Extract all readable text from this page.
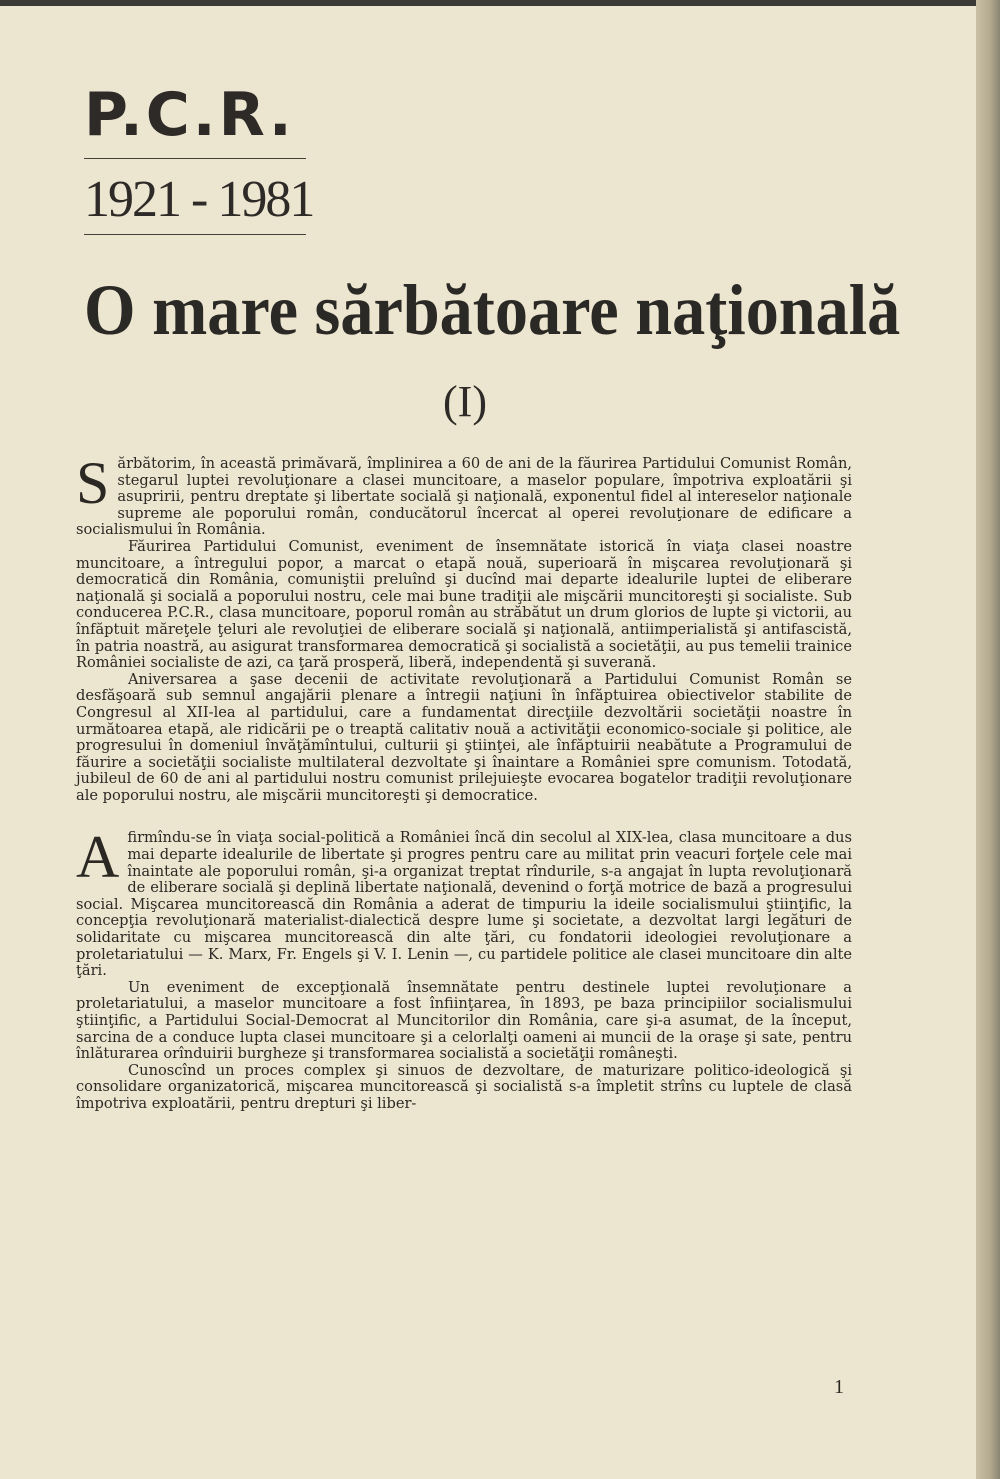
P.C.R.
1921 - 1981
O mare sărbătoare naţională
(I)

Sărbătorim, în această primăvară, împlinirea a 60 de ani de la făurirea Partidului Comunist Român, stegarul luptei revoluţionare a clasei muncitoare, a maselor populare, împotriva exploatării şi asupririi, pentru dreptate şi libertate socială şi naţională, exponentul fidel al intereselor naţionale supreme ale poporului român, conducătorul încercat al operei revoluţionare de edificare a socialismului în România.

Făurirea Partidului Comunist, eveniment de însemnătate istorică în viaţa clasei noastre muncitoare, a întregului popor, a marcat o etapă nouă, superioară în mişcarea revoluţionară şi democratică din România, comuniştii preluînd şi ducînd mai departe idealurile luptei de eliberare naţională şi socială a poporului nostru, cele mai bune tradiţii ale mişcării muncitoreşti şi socialiste. Sub conducerea P.C.R., clasa muncitoare, poporul român au străbătut un drum glorios de lupte şi victorii, au înfăptuit măreţele ţeluri ale revoluţiei de eliberare socială şi naţională, antiimperialistă şi antifascistă, în patria noastră, au asigurat transformarea democratică şi socialistă a societăţii, au pus temelii trainice României socialiste de azi, ca ţară prosperă, liberă, independentă şi suverană.

Aniversarea a şase decenii de activitate revoluţionară a Partidului Comunist Român se desfăşoară sub semnul angajării plenare a întregii naţiuni în înfăptuirea obiectivelor stabilite de Congresul al XII-lea al partidului, care a fundamentat direcţiile dezvoltării societăţii noastre în următoarea etapă, ale ridicării pe o treaptă calitativ nouă a activităţii economico-sociale şi politice, ale progresului în domeniul învăţămîntului, culturii şi ştiinţei, ale înfăptuirii neabătute a Programului de făurire a societăţii socialiste multilateral dezvoltate şi înaintare a României spre comunism. Totodată, jubileul de 60 de ani al partidului nostru comunist prilejuieşte evocarea bogatelor tradiţii revoluţionare ale poporului nostru, ale mişcării muncitoreşti şi democratice.

Afirmîndu-se în viaţa social-politică a României încă din secolul al XIX-lea, clasa muncitoare a dus mai departe idealurile de libertate şi progres pentru care au militat prin veacuri forţele cele mai înaintate ale poporului român, şi-a organizat treptat rîndurile, s-a angajat în lupta revoluţionară de eliberare socială şi deplină libertate naţională, devenind o forţă motrice de bază a progresului social. Mişcarea muncitorească din România a aderat de timpuriu la ideile socialismului ştiinţific, la concepţia revoluţionară materialist-dialectică despre lume şi societate, a dezvoltat largi legături de solidaritate cu mişcarea muncitorească din alte ţări, cu fondatorii ideologiei revoluţionare a proletariatului — K. Marx, Fr. Engels şi V. I. Lenin —, cu partidele politice ale clasei muncitoare din alte ţări.

Un eveniment de excepţională însemnătate pentru destinele luptei revoluţionare a proletariatului, a maselor muncitoare a fost înfiinţarea, în 1893, pe baza principiilor socialismului ştiinţific, a Partidului Social-Democrat al Muncitorilor din România, care şi-a asumat, de la început, sarcina de a conduce lupta clasei muncitoare şi a celorlalţi oameni ai muncii de la oraşe şi sate, pentru înlăturarea orînduirii burgheze şi transformarea socialistă a societăţii româneşti.

Cunoscînd un proces complex şi sinuos de dezvoltare, de maturizare politico-ideologică şi consolidare organizatorică, mişcarea muncitorească şi socialistă s-a împletit strîns cu luptele de clasă împotriva exploatării, pentru drepturi şi liber-

1
